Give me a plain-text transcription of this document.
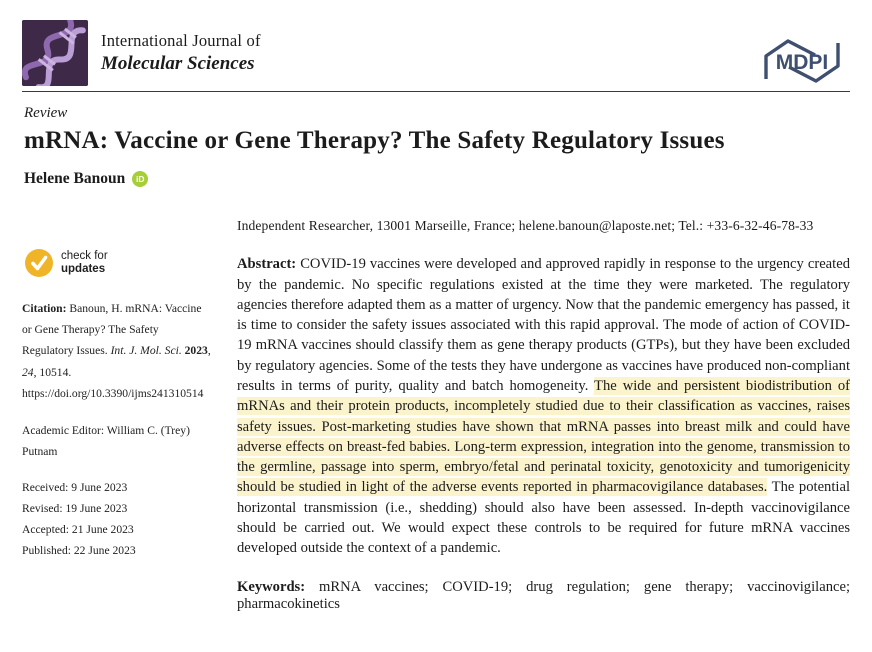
International Journal of
Molecular Sciences	MDPI
Review
mRNA: Vaccine or Gene Therapy? The Safety Regulatory Issues
Helene Banoun	iD
check for
updates

Citation: Banoun, H. mRNA: Vaccine or Gene Therapy? The Safety Regulatory Issues. Int. J. Mol. Sci. 2023, 24, 10514. https://doi.org/10.3390/ijms241310514

Academic Editor: William C. (Trey) Putnam

Received: 9 June 2023
Revised: 19 June 2023
Accepted: 21 June 2023
Published: 22 June 2023

Independent Researcher, 13001 Marseille, France; helene.banoun@laposte.net; Tel.: +33-6-32-46-78-33

Abstract: COVID-19 vaccines were developed and approved rapidly in response to the urgency created by the pandemic. No specific regulations existed at the time they were marketed. The regulatory agencies therefore adapted them as a matter of urgency. Now that the pandemic emergency has passed, it is time to consider the safety issues associated with this rapid approval. The mode of action of COVID-19 mRNA vaccines should classify them as gene therapy products (GTPs), but they have been excluded by regulatory agencies. Some of the tests they have undergone as vaccines have produced non-compliant results in terms of purity, quality and batch homogeneity. The wide and persistent biodistribution of mRNAs and their protein products, incompletely studied due to their classification as vaccines, raises safety issues. Post-marketing studies have shown that mRNA passes into breast milk and could have adverse effects on breast-fed babies. Long-term expression, integration into the genome, transmission to the germline, passage into sperm, embryo/fetal and perinatal toxicity, genotoxicity and tumorigenicity should be studied in light of the adverse events reported in pharmacovigilance databases. The potential horizontal transmission (i.e., shedding) should also have been assessed. In-depth vaccinovigilance should be carried out. We would expect these controls to be required for future mRNA vaccines developed outside the context of a pandemic.

Keywords: mRNA vaccines; COVID-19; drug regulation; gene therapy; vaccinovigilance; pharmacokinetics
